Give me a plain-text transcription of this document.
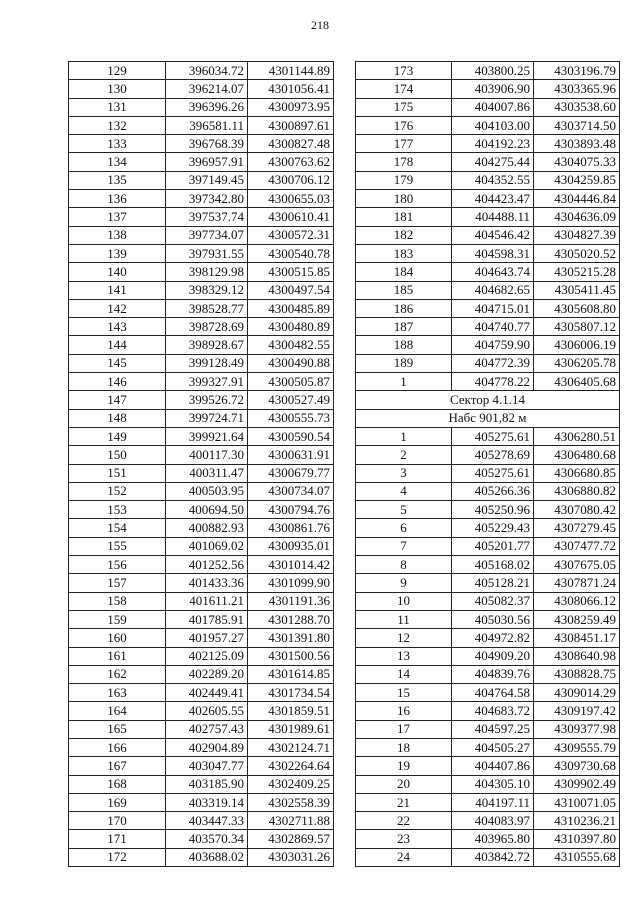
218
129	396034.72	4301144.89
130	396214.07	4301056.41
131	396396.26	4300973.95
132	396581.11	4300897.61
133	396768.39	4300827.48
134	396957.91	4300763.62
135	397149.45	4300706.12
136	397342.80	4300655.03
137	397537.74	4300610.41
138	397734.07	4300572.31
139	397931.55	4300540.78
140	398129.98	4300515.85
141	398329.12	4300497.54
142	398528.77	4300485.89
143	398728.69	4300480.89
144	398928.67	4300482.55
145	399128.49	4300490.88
146	399327.91	4300505.87
147	399526.72	4300527.49
148	399724.71	4300555.73
149	399921.64	4300590.54
150	400117.30	4300631.91
151	400311.47	4300679.77
152	400503.95	4300734.07
153	400694.50	4300794.76
154	400882.93	4300861.76
155	401069.02	4300935.01
156	401252.56	4301014.42
157	401433.36	4301099.90
158	401611.21	4301191.36
159	401785.91	4301288.70
160	401957.27	4301391.80
161	402125.09	4301500.56
162	402289.20	4301614.85
163	402449.41	4301734.54
164	402605.55	4301859.51
165	402757.43	4301989.61
166	402904.89	4302124.71
167	403047.77	4302264.64
168	403185.90	4302409.25
169	403319.14	4302558.39
170	403447.33	4302711.88
171	403570.34	4302869.57
172	403688.02	4303031.26
173	403800.25	4303196.79
174	403906.90	4303365.96
175	404007.86	4303538.60
176	404103.00	4303714.50
177	404192.23	4303893.48
178	404275.44	4304075.33
179	404352.55	4304259.85
180	404423.47	4304446.84
181	404488.11	4304636.09
182	404546.42	4304827.39
183	404598.31	4305020.52
184	404643.74	4305215.28
185	404682.65	4305411.45
186	404715.01	4305608.80
187	404740.77	4305807.12
188	404759.90	4306006.19
189	404772.39	4306205.78
1	404778.22	4306405.68
Сектор 4.1.14		
Набс 901,82 м		
1	405275.61	4306280.51
2	405278.69	4306480.68
3	405275.61	4306680.85
4	405266.36	4306880.82
5	405250.96	4307080.42
6	405229.43	4307279.45
7	405201.77	4307477.72
8	405168.02	4307675.05
9	405128.21	4307871.24
10	405082.37	4308066.12
11	405030.56	4308259.49
12	404972.82	4308451.17
13	404909.20	4308640.98
14	404839.76	4308828.75
15	404764.58	4309014.29
16	404683.72	4309197.42
17	404597.25	4309377.98
18	404505.27	4309555.79
19	404407.86	4309730.68
20	404305.10	4309902.49
21	404197.11	4310071.05
22	404083.97	4310236.21
23	403965.80	4310397.80
24	403842.72	4310555.68
